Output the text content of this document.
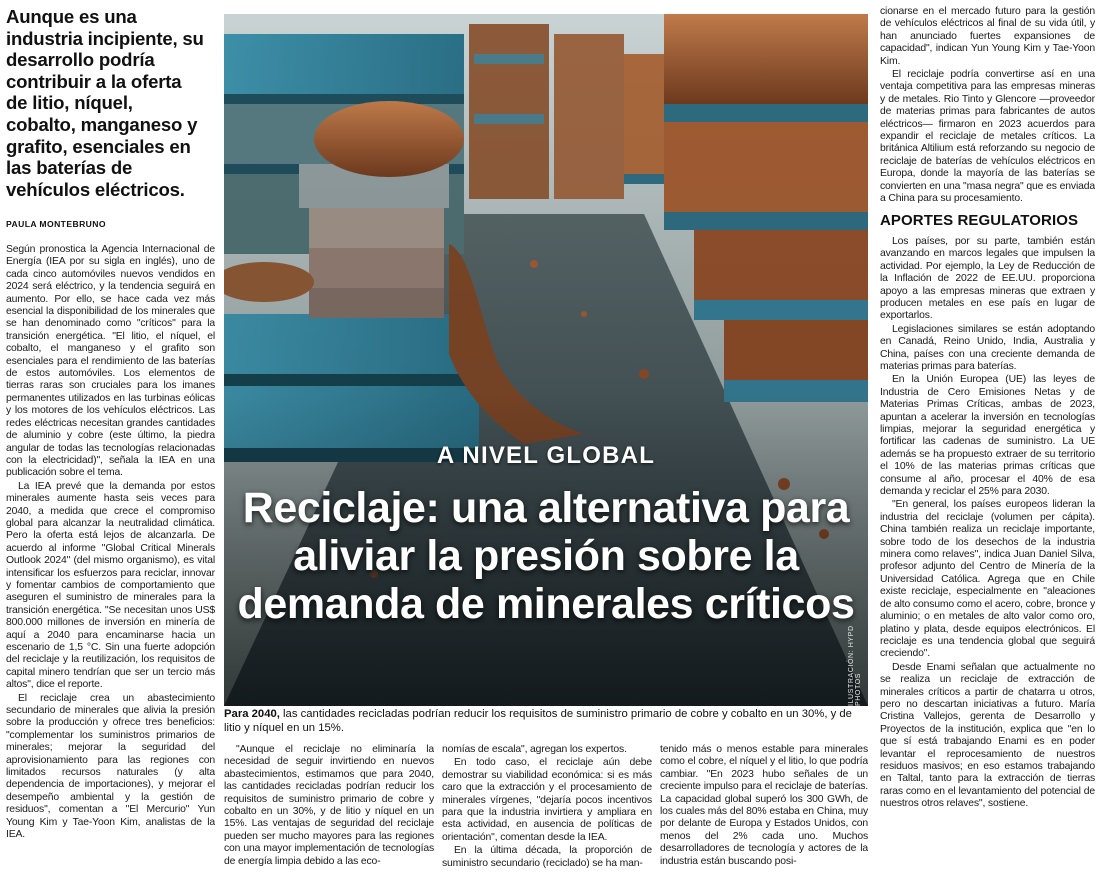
Aunque es una industria incipiente, su desarrollo podría contribuir a la oferta de litio, níquel, cobalto, manganeso y grafito, esenciales en las baterías de vehículos eléctricos.
PAULA MONTEBRUNO

Según pronostica la Agencia Internacional de Energía (IEA por su sigla en inglés), uno de cada cinco automóviles nuevos vendidos en 2024 será eléctrico, y la tendencia seguirá en aumento. Por ello, se hace cada vez más esencial la disponibilidad de los minerales que se han denominado como "críticos" para la transición energética. "El litio, el níquel, el cobalto, el manganeso y el grafito son esenciales para el rendimiento de las baterías de estos automóviles. Los elementos de tierras raras son cruciales para los imanes permanentes utilizados en las turbinas eólicas y los motores de los vehículos eléctricos. Las redes eléctricas necesitan grandes cantidades de aluminio y cobre (este último, la piedra angular de todas las tecnologías relacionadas con la electricidad)", señala la IEA en una publicación sobre el tema.

La IEA prevé que la demanda por estos minerales aumente hasta seis veces para 2040, a medida que crece el compromiso global para alcanzar la neutralidad climática. Pero la oferta está lejos de alcanzarla. De acuerdo al informe "Global Critical Minerals Outlook 2024" (del mismo organismo), es vital intensificar los esfuerzos para reciclar, innovar y fomentar cambios de comportamiento que aseguren el suministro de minerales para la transición energética. "Se necesitan unos US$ 800.000 millones de inversión en minería de aquí a 2040 para encaminarse hacia un escenario de 1,5 °C. Sin una fuerte adopción del reciclaje y la reutilización, los requisitos de capital minero tendrían que ser un tercio más altos", dice el reporte.

El reciclaje crea un abastecimiento secundario de minerales que alivia la presión sobre la producción y ofrece tres beneficios: "complementar los suministros primarios de minerales; mejorar la seguridad del aprovisionamiento para las regiones con limitados recursos naturales (y alta dependencia de importaciones), y mejorar el desempeño ambiental y la gestión de residuos", comentan a "El Mercurio" Yun Young Kim y Tae-Yoon Kim, analistas de la IEA.

ILUSTRACIÓN: HYPD PHOTOS
A NIVEL GLOBAL
Reciclaje: una alternativa para aliviar la presión sobre la demanda de minerales críticos
Para 2040, las cantidades recicladas podrían reducir los requisitos de suministro primario de cobre y cobalto en un 30%, y de litio y níquel en un 15%.

"Aunque el reciclaje no eliminaría la necesidad de seguir invirtiendo en nuevos abastecimientos, estimamos que para 2040, las cantidades recicladas podrían reducir los requisitos de suministro primario de cobre y cobalto en un 30%, y de litio y níquel en un 15%. Las ventajas de seguridad del reciclaje pueden ser mucho mayores para las regiones con una mayor implementación de tecnologías de energía limpia debido a las eco-

nomías de escala", agregan los expertos.

En todo caso, el reciclaje aún debe demostrar su viabilidad económica: si es más caro que la extracción y el procesamiento de minerales vírgenes, "dejaría pocos incentivos para que la industria invirtiera y ampliara en esta actividad, en ausencia de políticas de orientación", comentan desde la IEA.

En la última década, la proporción de suministro secundario (reciclado) se ha man-

tenido más o menos estable para minerales como el cobre, el níquel y el litio, lo que podría cambiar. "En 2023 hubo señales de un creciente impulso para el reciclaje de baterías. La capacidad global superó los 300 GWh, de los cuales más del 80% estaba en China, muy por delante de Europa y Estados Unidos, con menos del 2% cada uno. Muchos desarrolladores de tecnología y actores de la industria están buscando posi-

cionarse en el mercado futuro para la gestión de vehículos eléctricos al final de su vida útil, y han anunciado fuertes expansiones de capacidad", indican Yun Young Kim y Tae-Yoon Kim.

El reciclaje podría convertirse así en una ventaja competitiva para las empresas mineras y de metales. Rio Tinto y Glencore —proveedor de materias primas para fabricantes de autos eléctricos— firmaron en 2023 acuerdos para expandir el reciclaje de metales críticos. La británica Altilium está reforzando su negocio de reciclaje de baterías de vehículos eléctricos en Europa, donde la mayoría de las baterías se convierten en una "masa negra" que es enviada a China para su procesamiento.

APORTES REGULATORIOS

Los países, por su parte, también están avanzando en marcos legales que impulsen la actividad. Por ejemplo, la Ley de Reducción de la Inflación de 2022 de EE.UU. proporciona apoyo a las empresas mineras que extraen y producen metales en ese país en lugar de exportarlos.

Legislaciones similares se están adoptando en Canadá, Reino Unido, India, Australia y China, países con una creciente demanda de materias primas para baterías.

En la Unión Europea (UE) las leyes de Industria de Cero Emisiones Netas y de Materias Primas Críticas, ambas de 2023, apuntan a acelerar la inversión en tecnologías limpias, mejorar la seguridad energética y fortificar las cadenas de suministro. La UE además se ha propuesto extraer de su territorio el 10% de las materias primas críticas que consume al año, procesar el 40% de esa demanda y reciclar el 25% para 2030.

"En general, los países europeos lideran la industria del reciclaje (volumen per cápita). China también realiza un reciclaje importante, sobre todo de los desechos de la industria minera como relaves", indica Juan Daniel Silva, profesor adjunto del Centro de Minería de la Universidad Católica. Agrega que en Chile existe reciclaje, especialmente en "aleaciones de alto consumo como el acero, cobre, bronce y aluminio; o en metales de alto valor como oro, platino y plata, desde equipos electrónicos. El reciclaje es una tendencia global que seguirá creciendo".

Desde Enami señalan que actualmente no se realiza un reciclaje de extracción de minerales críticos a partir de chatarra u otros, pero no descartan iniciativas a futuro. María Cristina Vallejos, gerenta de Desarrollo y Proyectos de la institución, explica que "en lo que sí está trabajando Enami es en poder levantar el reprocesamiento de nuestros residuos masivos; en eso estamos trabajando en Taltal, tanto para la extracción de tierras raras como en el levantamiento del potencial de nuestros otros relaves", sostiene.
